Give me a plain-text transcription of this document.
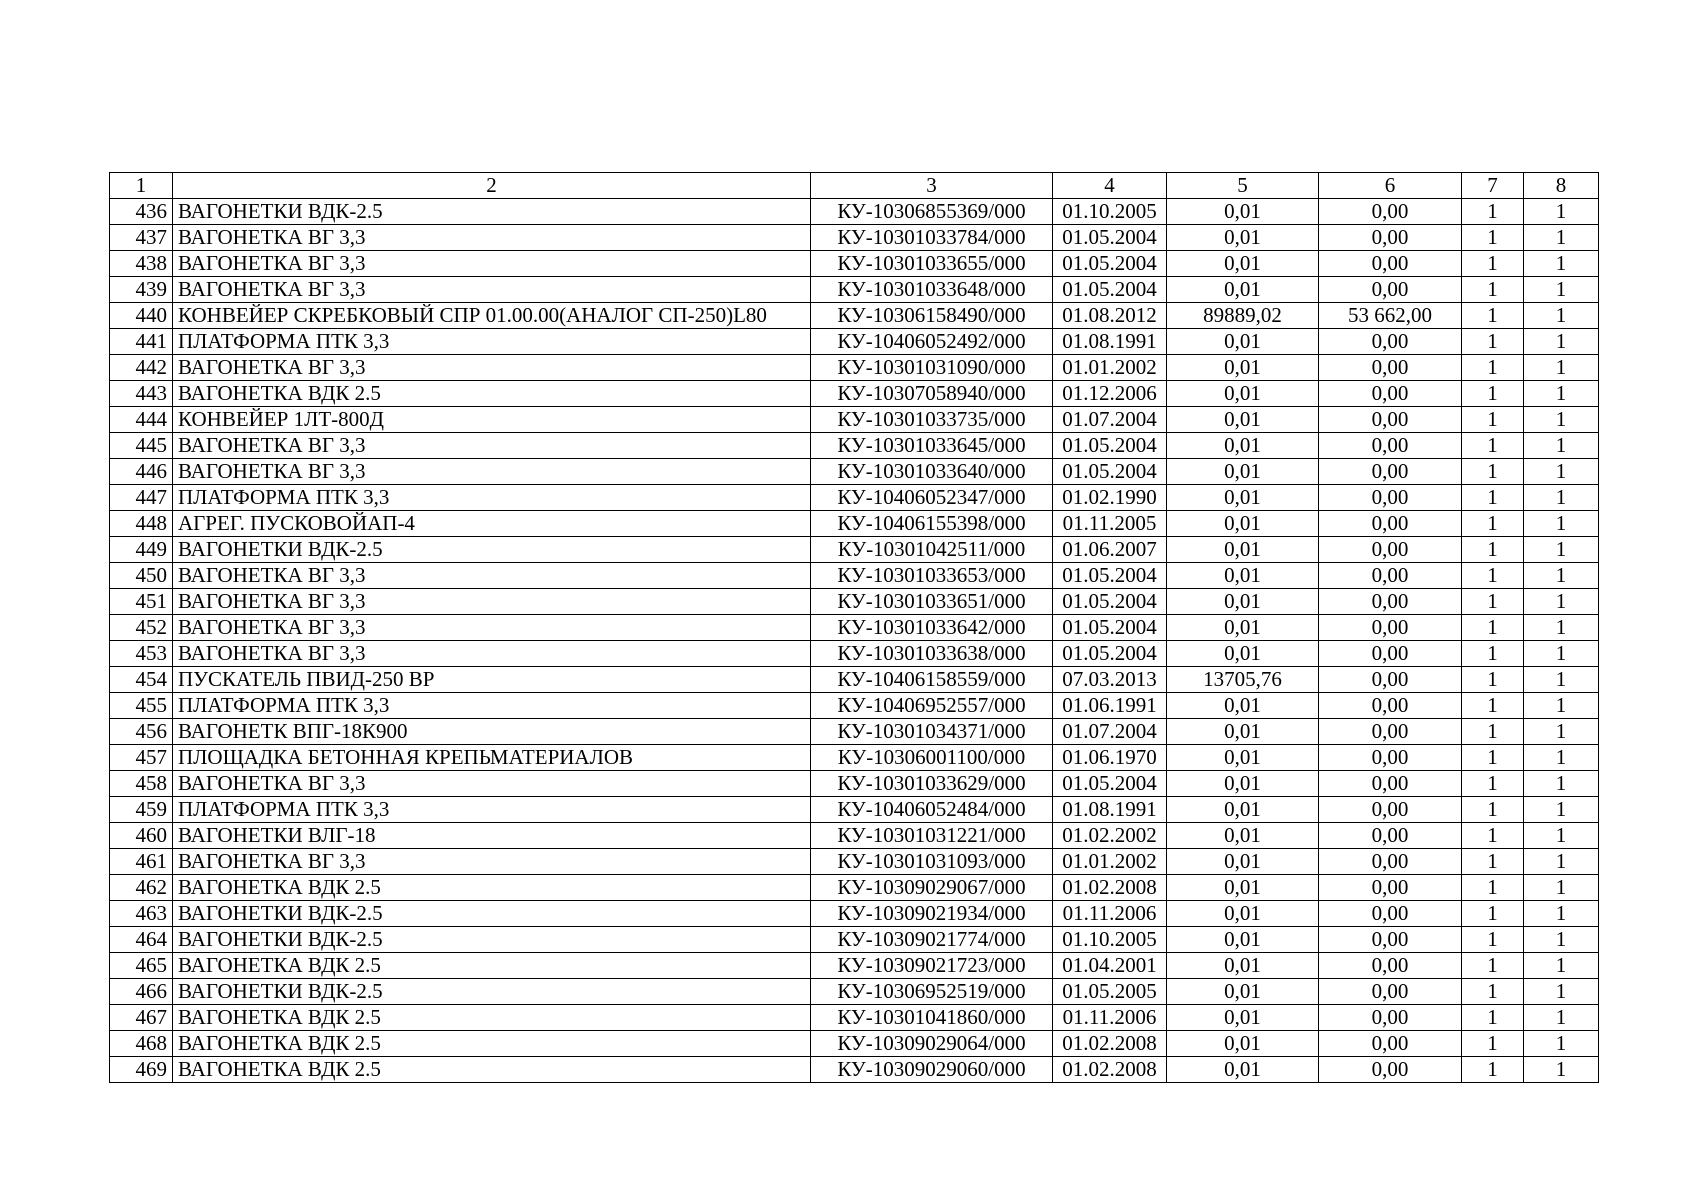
1	2	3	4	5	6	7	8
436	ВАГОНЕТКИ ВДК-2.5	КУ-10306855369/000	01.10.2005	0,01	0,00	1	1
437	ВАГОНЕТКА ВГ 3,3	КУ-10301033784/000	01.05.2004	0,01	0,00	1	1
438	ВАГОНЕТКА ВГ 3,3	КУ-10301033655/000	01.05.2004	0,01	0,00	1	1
439	ВАГОНЕТКА ВГ 3,3	КУ-10301033648/000	01.05.2004	0,01	0,00	1	1
440	КОНВЕЙЕР СКРЕБКОВЫЙ СПР 01.00.00(АНАЛОГ СП-250)L80	КУ-10306158490/000	01.08.2012	89889,02	53 662,00	1	1
441	ПЛАТФОРМА ПТК 3,3	КУ-10406052492/000	01.08.1991	0,01	0,00	1	1
442	ВАГОНЕТКА ВГ 3,3	КУ-10301031090/000	01.01.2002	0,01	0,00	1	1
443	ВАГОНЕТКА ВДК 2.5	КУ-10307058940/000	01.12.2006	0,01	0,00	1	1
444	КОНВЕЙЕР 1ЛТ-800Д	КУ-10301033735/000	01.07.2004	0,01	0,00	1	1
445	ВАГОНЕТКА ВГ 3,3	КУ-10301033645/000	01.05.2004	0,01	0,00	1	1
446	ВАГОНЕТКА ВГ 3,3	КУ-10301033640/000	01.05.2004	0,01	0,00	1	1
447	ПЛАТФОРМА ПТК 3,3	КУ-10406052347/000	01.02.1990	0,01	0,00	1	1
448	АГРЕГ. ПУСКОВОЙАП-4	КУ-10406155398/000	01.11.2005	0,01	0,00	1	1
449	ВАГОНЕТКИ ВДК-2.5	КУ-10301042511/000	01.06.2007	0,01	0,00	1	1
450	ВАГОНЕТКА ВГ 3,3	КУ-10301033653/000	01.05.2004	0,01	0,00	1	1
451	ВАГОНЕТКА ВГ 3,3	КУ-10301033651/000	01.05.2004	0,01	0,00	1	1
452	ВАГОНЕТКА ВГ 3,3	КУ-10301033642/000	01.05.2004	0,01	0,00	1	1
453	ВАГОНЕТКА ВГ 3,3	КУ-10301033638/000	01.05.2004	0,01	0,00	1	1
454	ПУСКАТЕЛЬ ПВИД-250 ВР	КУ-10406158559/000	07.03.2013	13705,76	0,00	1	1
455	ПЛАТФОРМА ПТК 3,3	КУ-10406952557/000	01.06.1991	0,01	0,00	1	1
456	ВАГОНЕТК ВПГ-18К900	КУ-10301034371/000	01.07.2004	0,01	0,00	1	1
457	ПЛОЩАДКА БЕТОННАЯ КРЕПЬМАТЕРИАЛОВ	КУ-10306001100/000	01.06.1970	0,01	0,00	1	1
458	ВАГОНЕТКА ВГ 3,3	КУ-10301033629/000	01.05.2004	0,01	0,00	1	1
459	ПЛАТФОРМА ПТК 3,3	КУ-10406052484/000	01.08.1991	0,01	0,00	1	1
460	ВАГОНЕТКИ ВЛГ-18	КУ-10301031221/000	01.02.2002	0,01	0,00	1	1
461	ВАГОНЕТКА ВГ 3,3	КУ-10301031093/000	01.01.2002	0,01	0,00	1	1
462	ВАГОНЕТКА ВДК 2.5	КУ-10309029067/000	01.02.2008	0,01	0,00	1	1
463	ВАГОНЕТКИ ВДК-2.5	КУ-10309021934/000	01.11.2006	0,01	0,00	1	1
464	ВАГОНЕТКИ ВДК-2.5	КУ-10309021774/000	01.10.2005	0,01	0,00	1	1
465	ВАГОНЕТКА ВДК 2.5	КУ-10309021723/000	01.04.2001	0,01	0,00	1	1
466	ВАГОНЕТКИ ВДК-2.5	КУ-10306952519/000	01.05.2005	0,01	0,00	1	1
467	ВАГОНЕТКА ВДК 2.5	КУ-10301041860/000	01.11.2006	0,01	0,00	1	1
468	ВАГОНЕТКА ВДК 2.5	КУ-10309029064/000	01.02.2008	0,01	0,00	1	1
469	ВАГОНЕТКА ВДК 2.5	КУ-10309029060/000	01.02.2008	0,01	0,00	1	1
